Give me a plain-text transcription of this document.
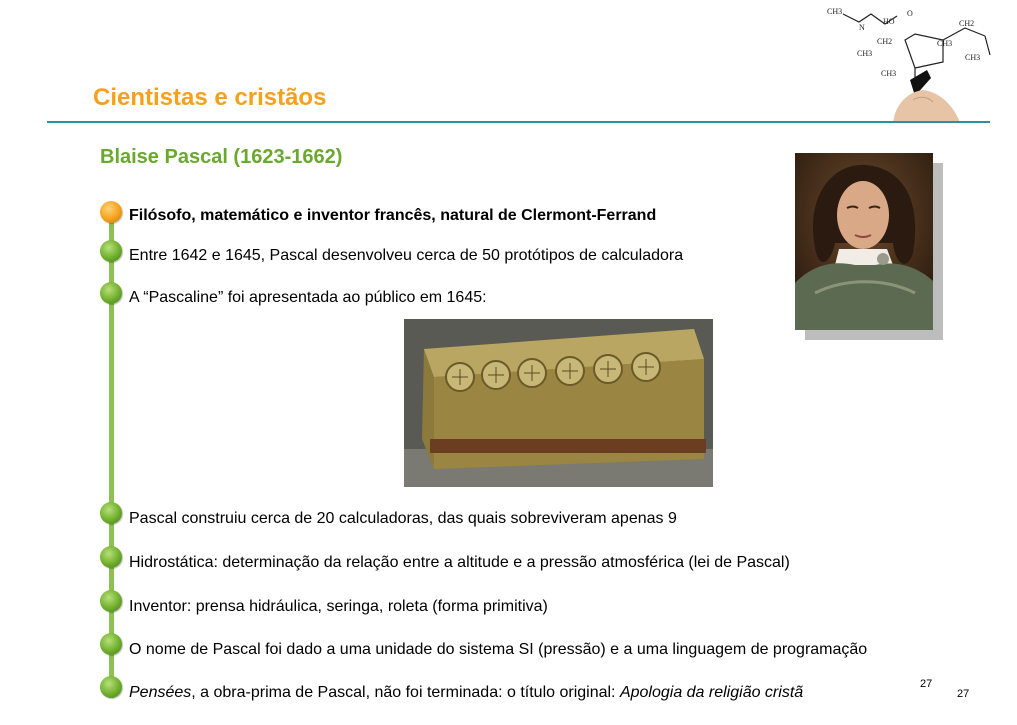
CH3
N
HO
O
CH2
CH2
CH3
CH3
CH3
CH3
Cientistas e cristãos
Blaise Pascal (1623-1662)
Filósofo, matemático e inventor francês, natural de Clermont-Ferrand
Entre 1642 e 1645, Pascal desenvolveu cerca de 50 protótipos de calculadora
A “Pascaline” foi apresentada ao público em 1645:
Pascal construiu cerca de 20 calculadoras, das quais sobreviveram apenas 9
Hidrostática: determinação da relação entre a altitude e a pressão atmosférica (lei de Pascal)
Inventor: prensa hidráulica, seringa, roleta (forma primitiva)
O nome de Pascal foi dado a uma unidade do sistema SI (pressão) e a uma linguagem de programação
Pensées, a obra-prima de Pascal, não foi terminada: o título original: Apologia da religião cristã	27
27
